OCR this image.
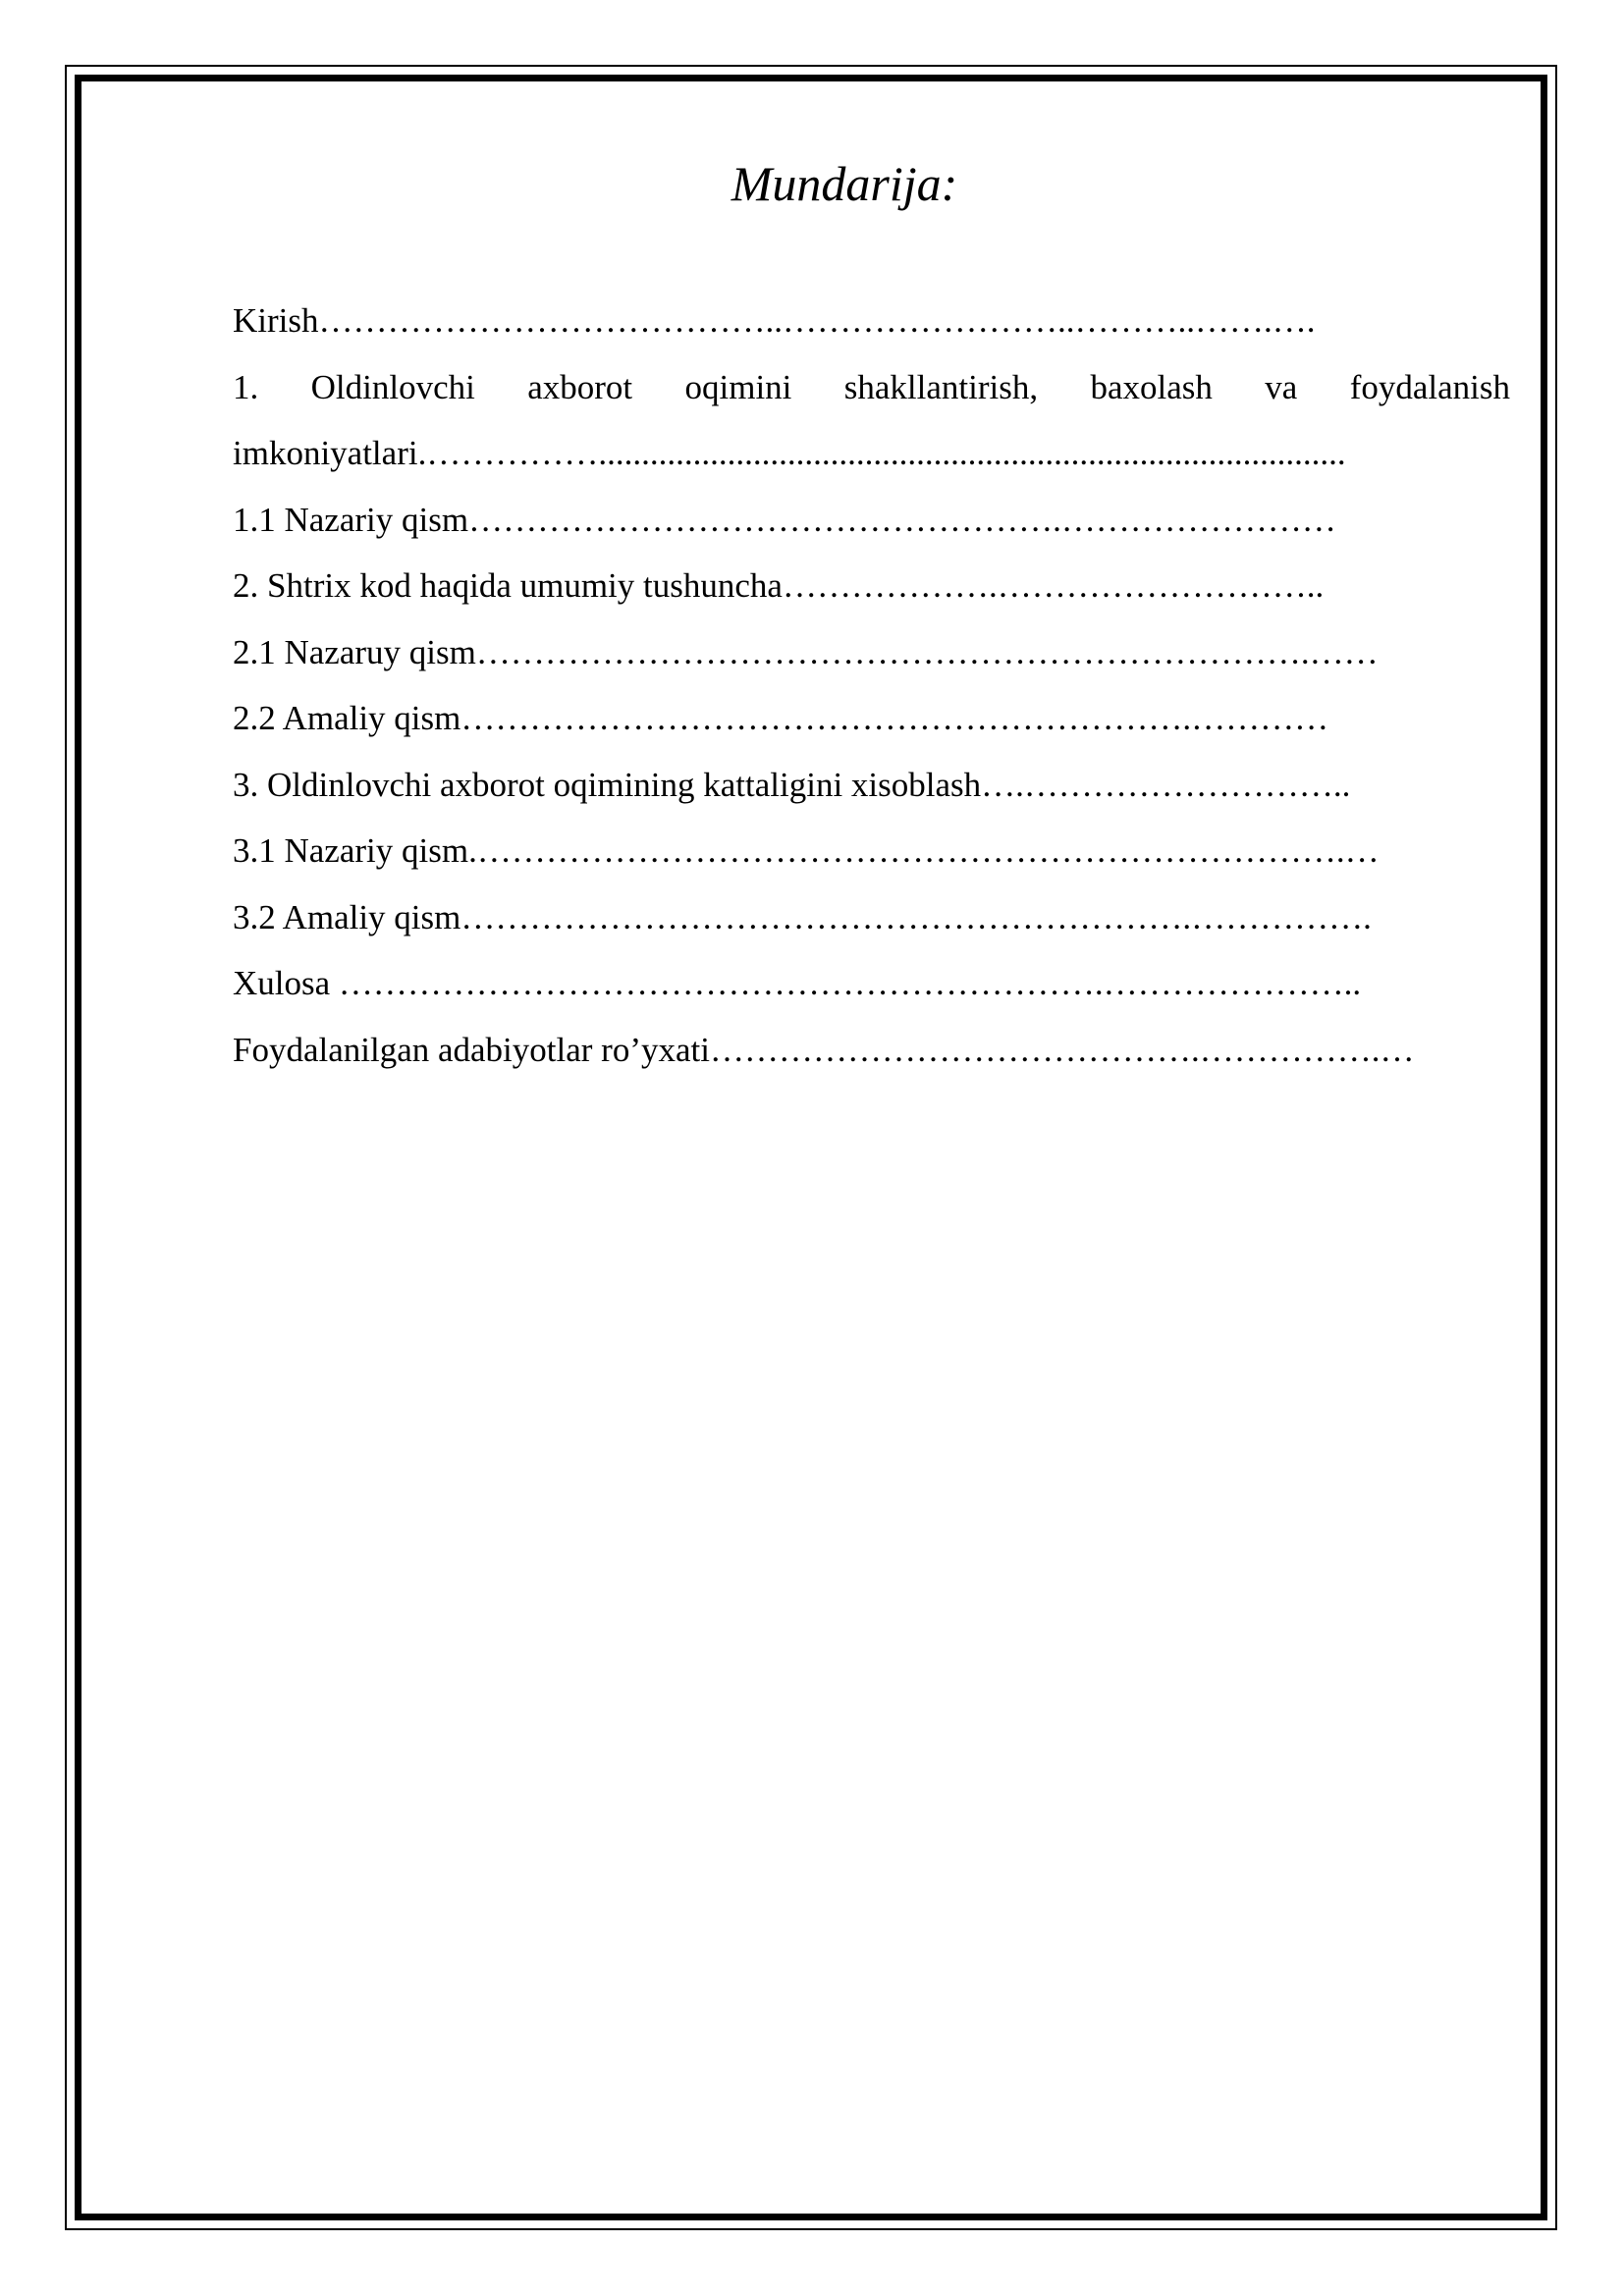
Mundarija:
Kirish…………………………………..……………………..………..…….….
1. Oldinlovchi axborot oqimini shakllantirish, baxolash va foydalanish imkoniyatlari.…………….......................................................................................
1.1 Nazariy qism…………………………………………….……………………
2. Shtrix kod haqida umumiy tushuncha……………….………………………..
2.1 Nazaruy qism……………………………………………………………….……
2.2 Amaliy qism……………………………………………………….…………
3. Oldinlovchi axborot oqimining kattaligini xisoblash….………………………..
3.1 Nazariy qism.………………………………………………………………….…
3.2 Amaliy qism……………………………………………………….…………….
Xulosa ………………………………………………………….…………………..
Foydalanilgan adabiyotlar ro’yxati…………………………………….…………….…
